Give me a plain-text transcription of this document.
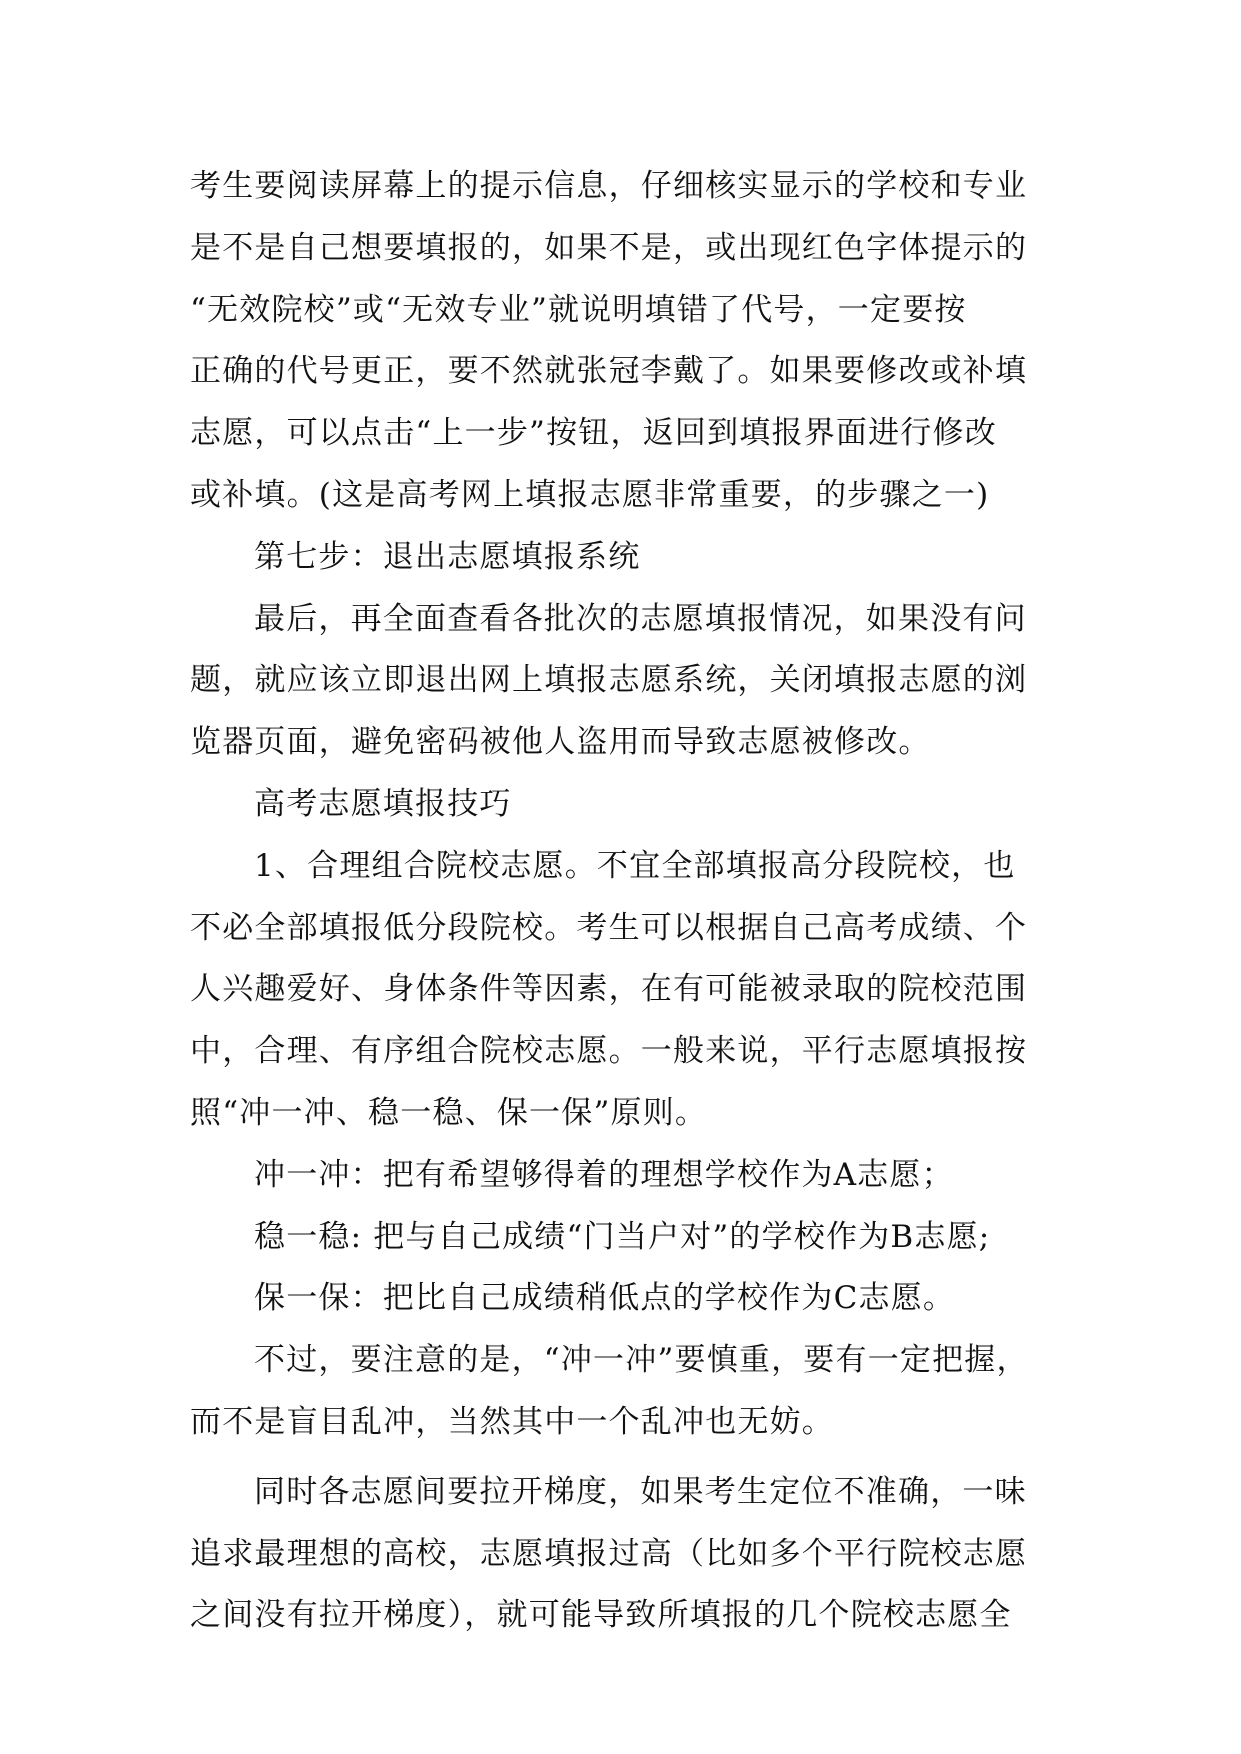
考生要阅读屏幕上的提示信息，仔细核实显示的学校和专业
是不是自己想要填报的，如果不是，或出现红色字体提示的
“无效院校”或“无效专业”就说明填错了代号，一定要按
正确的代号更正，要不然就张冠李戴了。如果要修改或补填
志愿，可以点击“上一步”按钮，返回到填报界面进行修改
或补填。(这是高考网上填报志愿非常重要，的步骤之一)
第七步：退出志愿填报系统
最后，再全面查看各批次的志愿填报情况，如果没有问
题，就应该立即退出网上填报志愿系统，关闭填报志愿的浏
览器页面，避免密码被他人盗用而导致志愿被修改。
高考志愿填报技巧
1、合理组合院校志愿。不宜全部填报高分段院校，也
不必全部填报低分段院校。考生可以根据自己高考成绩、个
人兴趣爱好、身体条件等因素，在有可能被录取的院校范围
中，合理、有序组合院校志愿。一般来说，平行志愿填报按
照“冲一冲、稳一稳、保一保”原则。
冲一冲：把有希望够得着的理想学校作为A志愿；
稳一稳: 把与自己成绩“门当户对”的学校作为B志愿;
保一保：把比自己成绩稍低点的学校作为C志愿。
不过，要注意的是，“冲一冲”要慎重，要有一定把握，
而不是盲目乱冲，当然其中一个乱冲也无妨。
同时各志愿间要拉开梯度，如果考生定位不准确，一味
追求最理想的高校，志愿填报过高（比如多个平行院校志愿
之间没有拉开梯度），就可能导致所填报的几个院校志愿全
